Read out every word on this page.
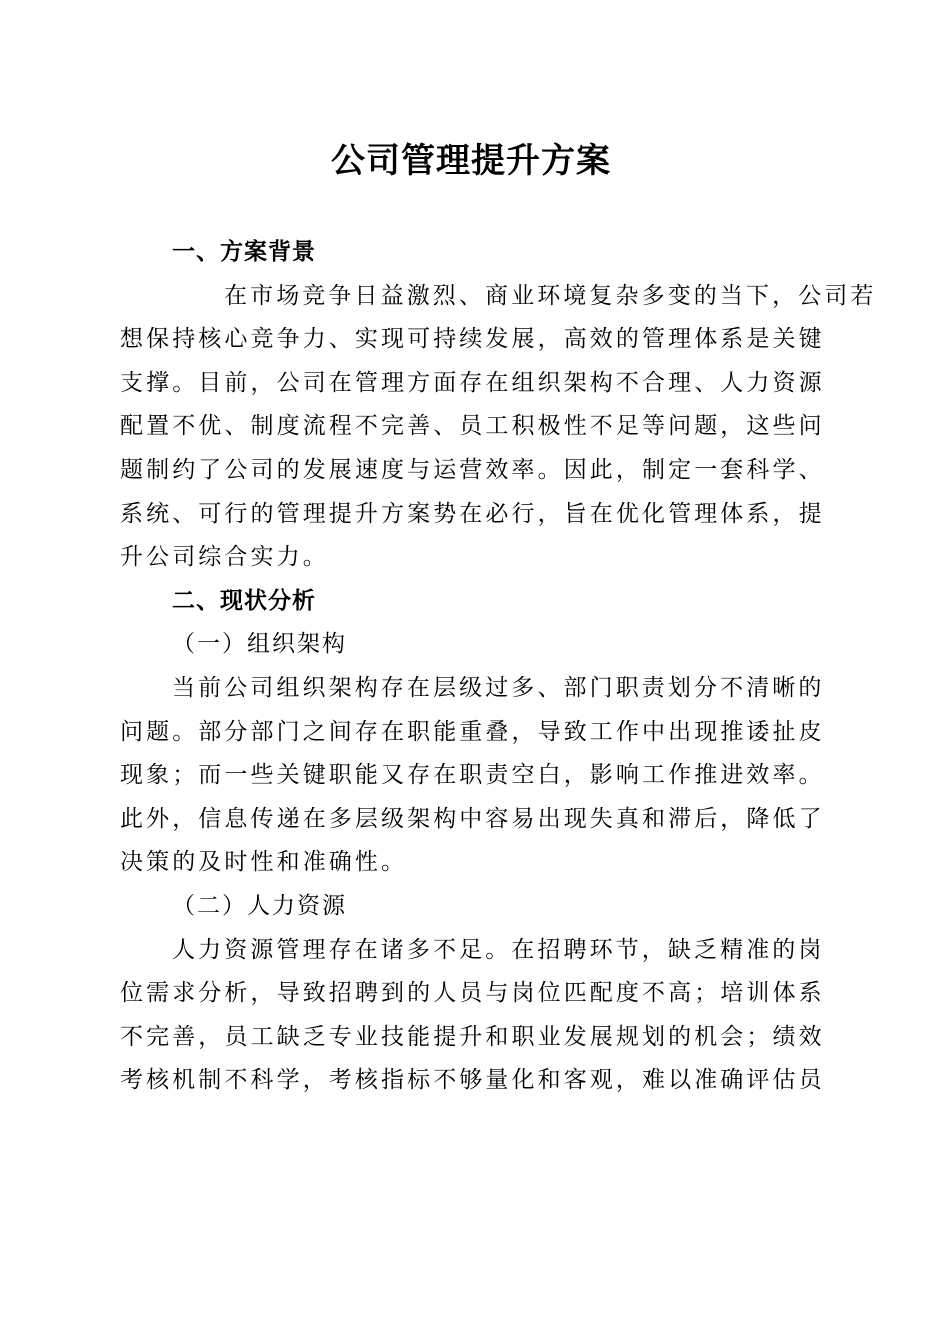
公司管理提升方案
一、方案背景
在市场竞争日益激烈、商业环境复杂多变的当下，公司若
想保持核心竞争力、实现可持续发展，高效的管理体系是关键
支撑。目前，公司在管理方面存在组织架构不合理、人力资源
配置不优、制度流程不完善、员工积极性不足等问题，这些问
题制约了公司的发展速度与运营效率。因此，制定一套科学、
系统、可行的管理提升方案势在必行，旨在优化管理体系，提
升公司综合实力。
二、现状分析
（一）组织架构
当前公司组织架构存在层级过多、部门职责划分不清晰的
问题。部分部门之间存在职能重叠，导致工作中出现推诿扯皮
现象；而一些关键职能又存在职责空白，影响工作推进效率。
此外，信息传递在多层级架构中容易出现失真和滞后，降低了
决策的及时性和准确性。
（二）人力资源
人力资源管理存在诸多不足。在招聘环节，缺乏精准的岗
位需求分析，导致招聘到的人员与岗位匹配度不高；培训体系
不完善，员工缺乏专业技能提升和职业发展规划的机会；绩效
考核机制不科学，考核指标不够量化和客观，难以准确评估员
